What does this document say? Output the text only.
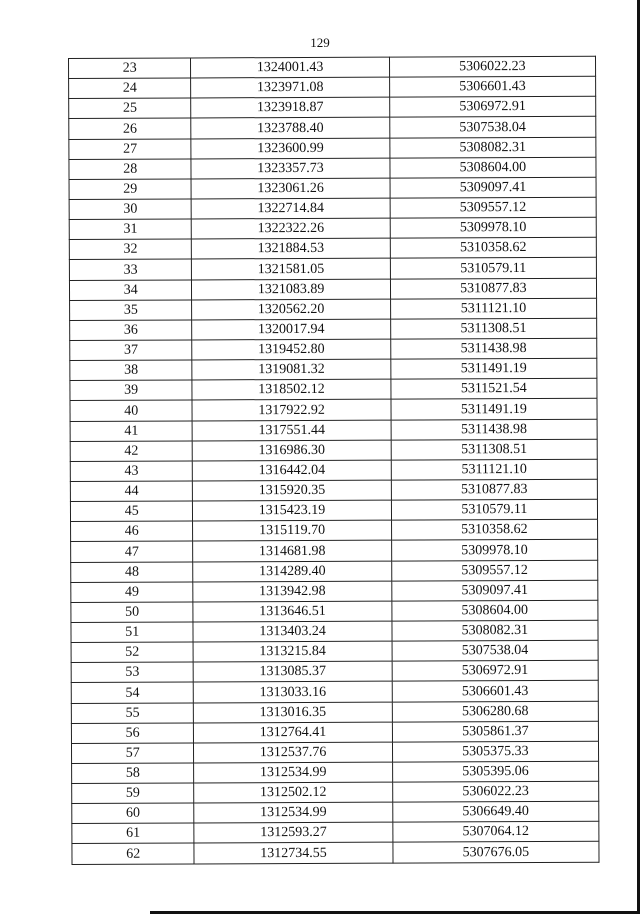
129
23	1324001.43	5306022.23
24	1323971.08	5306601.43
25	1323918.87	5306972.91
26	1323788.40	5307538.04
27	1323600.99	5308082.31
28	1323357.73	5308604.00
29	1323061.26	5309097.41
30	1322714.84	5309557.12
31	1322322.26	5309978.10
32	1321884.53	5310358.62
33	1321581.05	5310579.11
34	1321083.89	5310877.83
35	1320562.20	5311121.10
36	1320017.94	5311308.51
37	1319452.80	5311438.98
38	1319081.32	5311491.19
39	1318502.12	5311521.54
40	1317922.92	5311491.19
41	1317551.44	5311438.98
42	1316986.30	5311308.51
43	1316442.04	5311121.10
44	1315920.35	5310877.83
45	1315423.19	5310579.11
46	1315119.70	5310358.62
47	1314681.98	5309978.10
48	1314289.40	5309557.12
49	1313942.98	5309097.41
50	1313646.51	5308604.00
51	1313403.24	5308082.31
52	1313215.84	5307538.04
53	1313085.37	5306972.91
54	1313033.16	5306601.43
55	1313016.35	5306280.68
56	1312764.41	5305861.37
57	1312537.76	5305375.33
58	1312534.99	5305395.06
59	1312502.12	5306022.23
60	1312534.99	5306649.40
61	1312593.27	5307064.12
62	1312734.55	5307676.05
